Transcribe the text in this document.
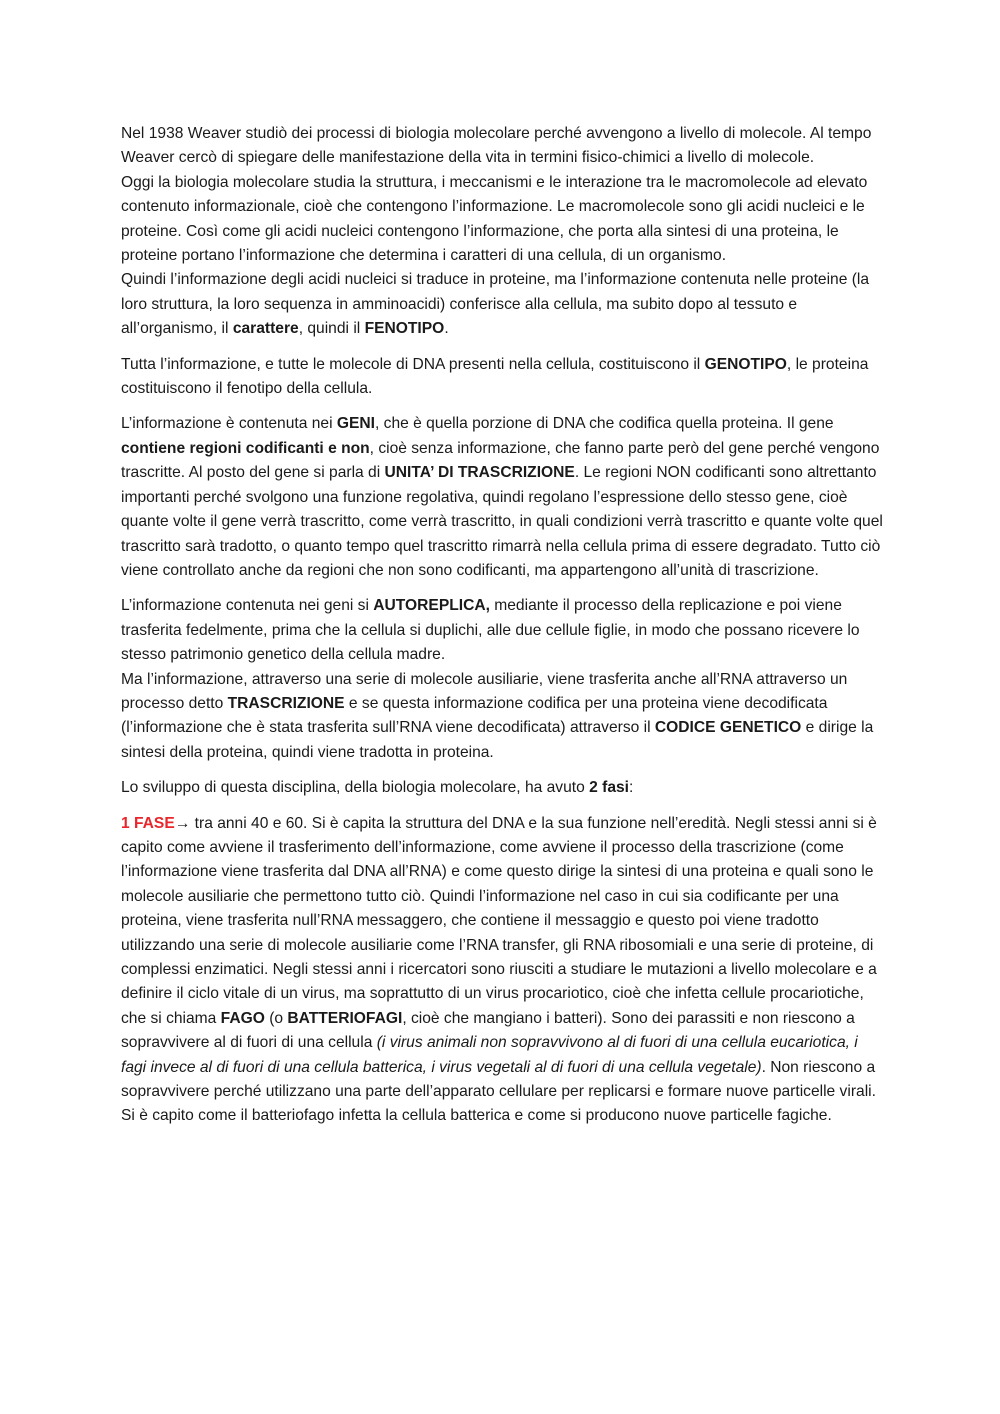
Nel 1938 Weaver studiò dei processi di biologia molecolare perché avvengono a livello di molecole. Al tempo Weaver cercò di spiegare delle manifestazione della vita in termini fisico-chimici a livello di molecole.

Oggi la biologia molecolare studia la struttura, i meccanismi e le interazione tra le macromolecole ad elevato contenuto informazionale, cioè che contengono l’informazione. Le macromolecole sono gli acidi nucleici e le proteine. Così come gli acidi nucleici contengono l’informazione, che porta alla sintesi di una proteina, le proteine portano l’informazione che determina i caratteri di una cellula, di un organismo.

Quindi l’informazione degli acidi nucleici si traduce in proteine, ma l’informazione contenuta nelle proteine (la loro struttura, la loro sequenza in amminoacidi) conferisce alla cellula, ma subito dopo al tessuto e all’organismo, il carattere, quindi il FENOTIPO.

Tutta l’informazione, e tutte le molecole di DNA presenti nella cellula, costituiscono il GENOTIPO, le proteina costituiscono il fenotipo della cellula.

L’informazione è contenuta nei GENI, che è quella porzione di DNA che codifica quella proteina. Il gene contiene regioni codificanti e non, cioè senza informazione, che fanno parte però del gene perché vengono trascritte. Al posto del gene si parla di UNITA’ DI TRASCRIZIONE. Le regioni NON codificanti sono altrettanto importanti perché svolgono una funzione regolativa, quindi regolano l’espressione dello stesso gene, cioè quante volte il gene verrà trascritto, come verrà trascritto, in quali condizioni verrà trascritto e quante volte quel trascritto sarà tradotto, o quanto tempo quel trascritto rimarrà nella cellula prima di essere degradato. Tutto ciò viene controllato anche da regioni che non sono codificanti, ma appartengono all’unità di trascrizione.

L’informazione contenuta nei geni si AUTOREPLICA, mediante il processo della replicazione e poi viene trasferita fedelmente, prima che la cellula si duplichi, alle due cellule figlie, in modo che possano ricevere lo stesso patrimonio genetico della cellula madre.

Ma l’informazione, attraverso una serie di molecole ausiliarie, viene trasferita anche all’RNA attraverso un processo detto TRASCRIZIONE e se questa informazione codifica per una proteina viene decodificata (l’informazione che è stata trasferita sull’RNA viene decodificata) attraverso il CODICE GENETICO e dirige la sintesi della proteina, quindi viene tradotta in proteina.

Lo sviluppo di questa disciplina, della biologia molecolare, ha avuto 2 fasi:

1 FASE→ tra anni 40 e 60. Si è capita la struttura del DNA e la sua funzione nell’eredità. Negli stessi anni si è capito come avviene il trasferimento dell’informazione, come avviene il processo della trascrizione (come l’informazione viene trasferita dal DNA all’RNA) e come questo dirige la sintesi di una proteina e quali sono le molecole ausiliarie che permettono tutto ciò. Quindi l’informazione nel caso in cui sia codificante per una proteina, viene trasferita null’RNA messaggero, che contiene il messaggio e questo poi viene tradotto utilizzando una serie di molecole ausiliarie come l’RNA transfer, gli RNA ribosomiali e una serie di proteine, di complessi enzimatici. Negli stessi anni i ricercatori sono riusciti a studiare le mutazioni a livello molecolare e a definire il ciclo vitale di un virus, ma soprattutto di un virus procariotico, cioè che infetta cellule procariotiche, che si chiama FAGO (o BATTERIOFAGI, cioè che mangiano i batteri). Sono dei parassiti e non riescono a sopravvivere al di fuori di una cellula (i virus animali non sopravvivono al di fuori di una cellula eucariotica, i fagi invece al di fuori di una cellula batterica, i virus vegetali al di fuori di una cellula vegetale). Non riescono a sopravvivere perché utilizzano una parte dell’apparato cellulare per replicarsi e formare nuove particelle virali. Si è capito come il batteriofago infetta la cellula batterica e come si producono nuove particelle fagiche.
